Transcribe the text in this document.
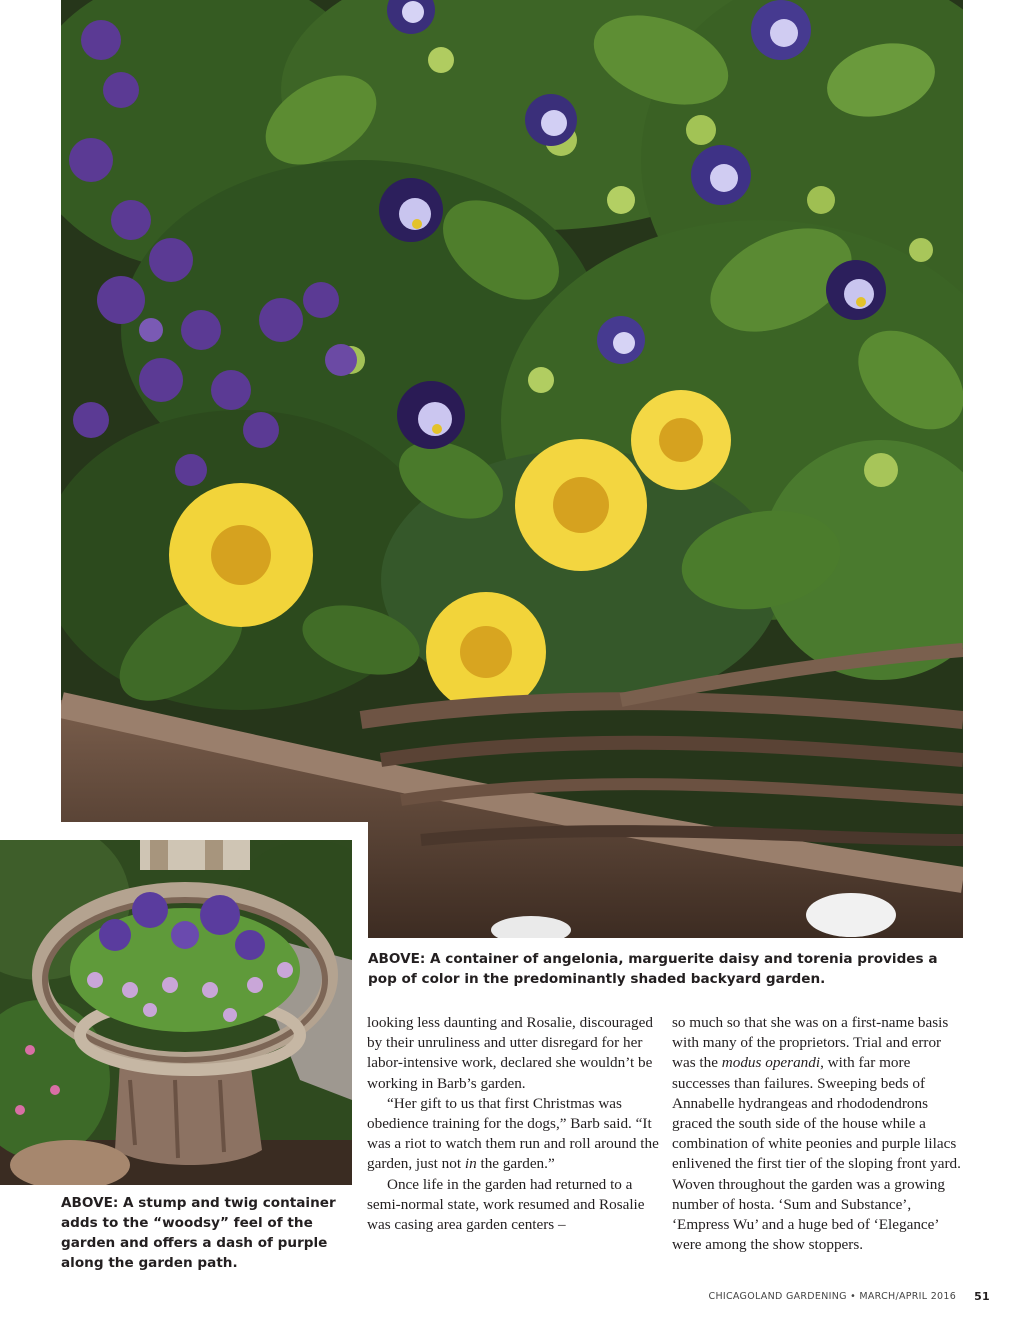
ABOVE: A container of angelonia, marguerite daisy and torenia provides a pop of color in the predominantly shaded backyard garden.

ABOVE: A stump and twig container adds to the “woodsy” feel of the garden and offers a dash of purple along the garden path.

looking less daunting and Rosalie, discouraged by their unruliness and utter disregard for her labor-intensive work, declared she wouldn’t be working in Barb’s garden.

“Her gift to us that first Christmas was obedience training for the dogs,” Barb said. “It was a riot to watch them run and roll around the garden, just not in the garden.”

Once life in the garden had returned to a semi-normal state, work resumed and Rosalie was casing area garden centers –

so much so that she was on a first-name basis with many of the proprietors. Trial and error was the modus operandi, with far more successes than failures. Sweeping beds of Annabelle hydrangeas and rhododendrons graced the south side of the house while a combination of white peonies and purple lilacs enlivened the first tier of the sloping front yard. Woven throughout the garden was a growing number of hosta. ‘Sum and Substance’, ‘Empress Wu’ and a huge bed of ‘Elegance’ were among the show stoppers.

CHICAGOLAND GARDENING • MARCH/APRIL 2016 51
